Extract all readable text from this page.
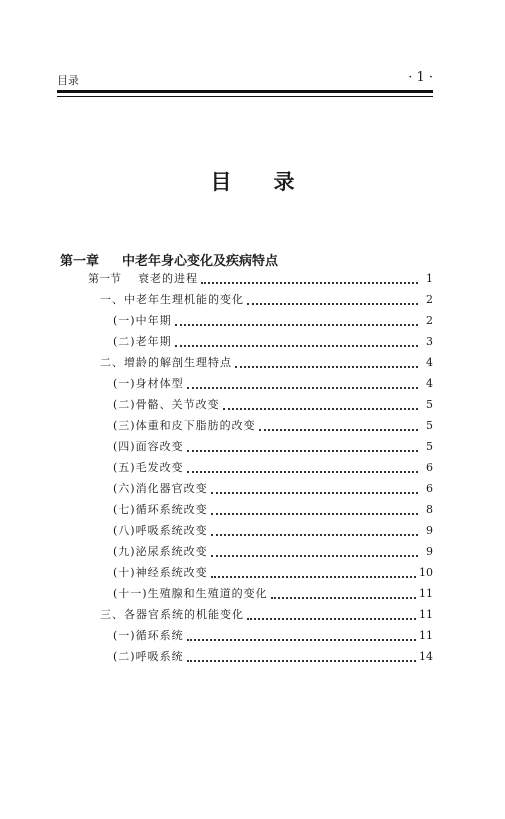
目录	· 1 ·
目录
第一章 中老年身心变化及疾病特点
第一节 衰老的进程	1
一、中老年生理机能的变化	2
(一)中年期	2
(二)老年期	3
二、增龄的解剖生理特点	4
(一)身材体型	4
(二)骨骼、关节改变	5
(三)体重和皮下脂肪的改变	5
(四)面容改变	5
(五)毛发改变	6
(六)消化器官改变	6
(七)循环系统改变	8
(八)呼吸系统改变	9
(九)泌尿系统改变	9
(十)神经系统改变	10
(十一)生殖腺和生殖道的变化	11
三、各器官系统的机能变化	11
(一)循环系统	11
(二)呼吸系统	14
